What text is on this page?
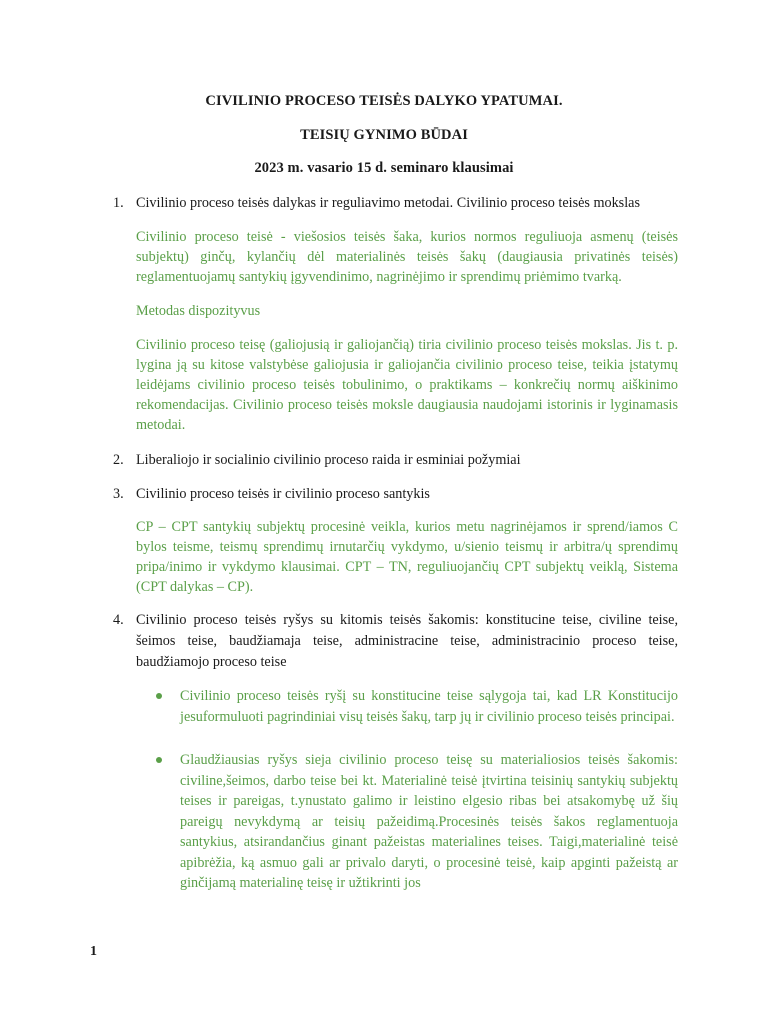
CIVILINIO PROCESO TEISĖS DALYKO YPATUMAI.
TEISIŲ GYNIMO BŪDAI
2023 m. vasario 15 d. seminaro klausimai
1. Civilinio proceso teisės dalykas ir reguliavimo metodai. Civilinio proceso teisės mokslas
Civilinio proceso teisė - viešosios teisės šaka, kurios normos reguliuoja asmenų (teisės subjektų) ginčų, kylančių dėl materialinės teisės šakų (daugiausia privatinės teisės) reglamentuojamų santykių įgyvendinimo, nagrinėjimo ir sprendimų priėmimo tvarką.
Metodas dispozityvus
Civilinio proceso teisę (galiojusią ir galiojančią) tiria civilinio proceso teisės mokslas. Jis t. p. lygina ją su kitose valstybėse galiojusia ir galiojančia civilinio proceso teise, teikia įstatymų leidėjams civilinio proceso teisės tobulinimo, o praktikams – konkrečių normų aiškinimo rekomendacijas. Civilinio proceso teisės moksle daugiausia naudojami istorinis ir lyginamasis metodai.
2. Liberaliojo ir socialinio civilinio proceso raida ir esminiai požymiai
3. Civilinio proceso teisės ir civilinio proceso santykis
CP – CPT santykių subjektų procesinė veikla, kurios metu nagrinėjamos ir sprend/iamos C bylos teisme, teismų sprendimų irnutarčių vykdymo, u/sienio teismų ir arbitra/ų sprendimų pripa/inimo ir vykdymo klausimai. CPT – TN, reguliuojančių CPT subjektų veiklą, Sistema (CPT dalykas – CP).
4. Civilinio proceso teisės ryšys su kitomis teisės šakomis: konstitucine teise, civiline teise, šeimos teise, baudžiamaja teise, administracine teise, administracinio proceso teise, baudžiamojo proceso teise
Civilinio proceso teisės ryšį su konstitucine teise sąlygoja tai, kad LR Konstitucijo jesuformuluoti pagrindiniai visų teisės šakų, tarp jų ir civilinio proceso teisės principai.
Glaudžiausias ryšys sieja civilinio proceso teisę su materialiosios teisės šakomis: civiline,šeimos, darbo teise bei kt. Materialinė teisė įtvirtina teisinių santykių subjektų teises ir pareigas, t.ynustato galimo ir leistino elgesio ribas bei atsakomybę už šių pareigų nevykdymą ar teisių pažeidimą.Procesinės teisės šakos reglamentuoja santykius, atsirandančius ginant pažeistas materialines teises. Taigi,materialinė teisė apibrėžia, ką asmuo gali ar privalo daryti, o procesinė teisė, kaip apginti pažeistą ar ginčijamą materialinę teisę ir užtikrinti jos
1
